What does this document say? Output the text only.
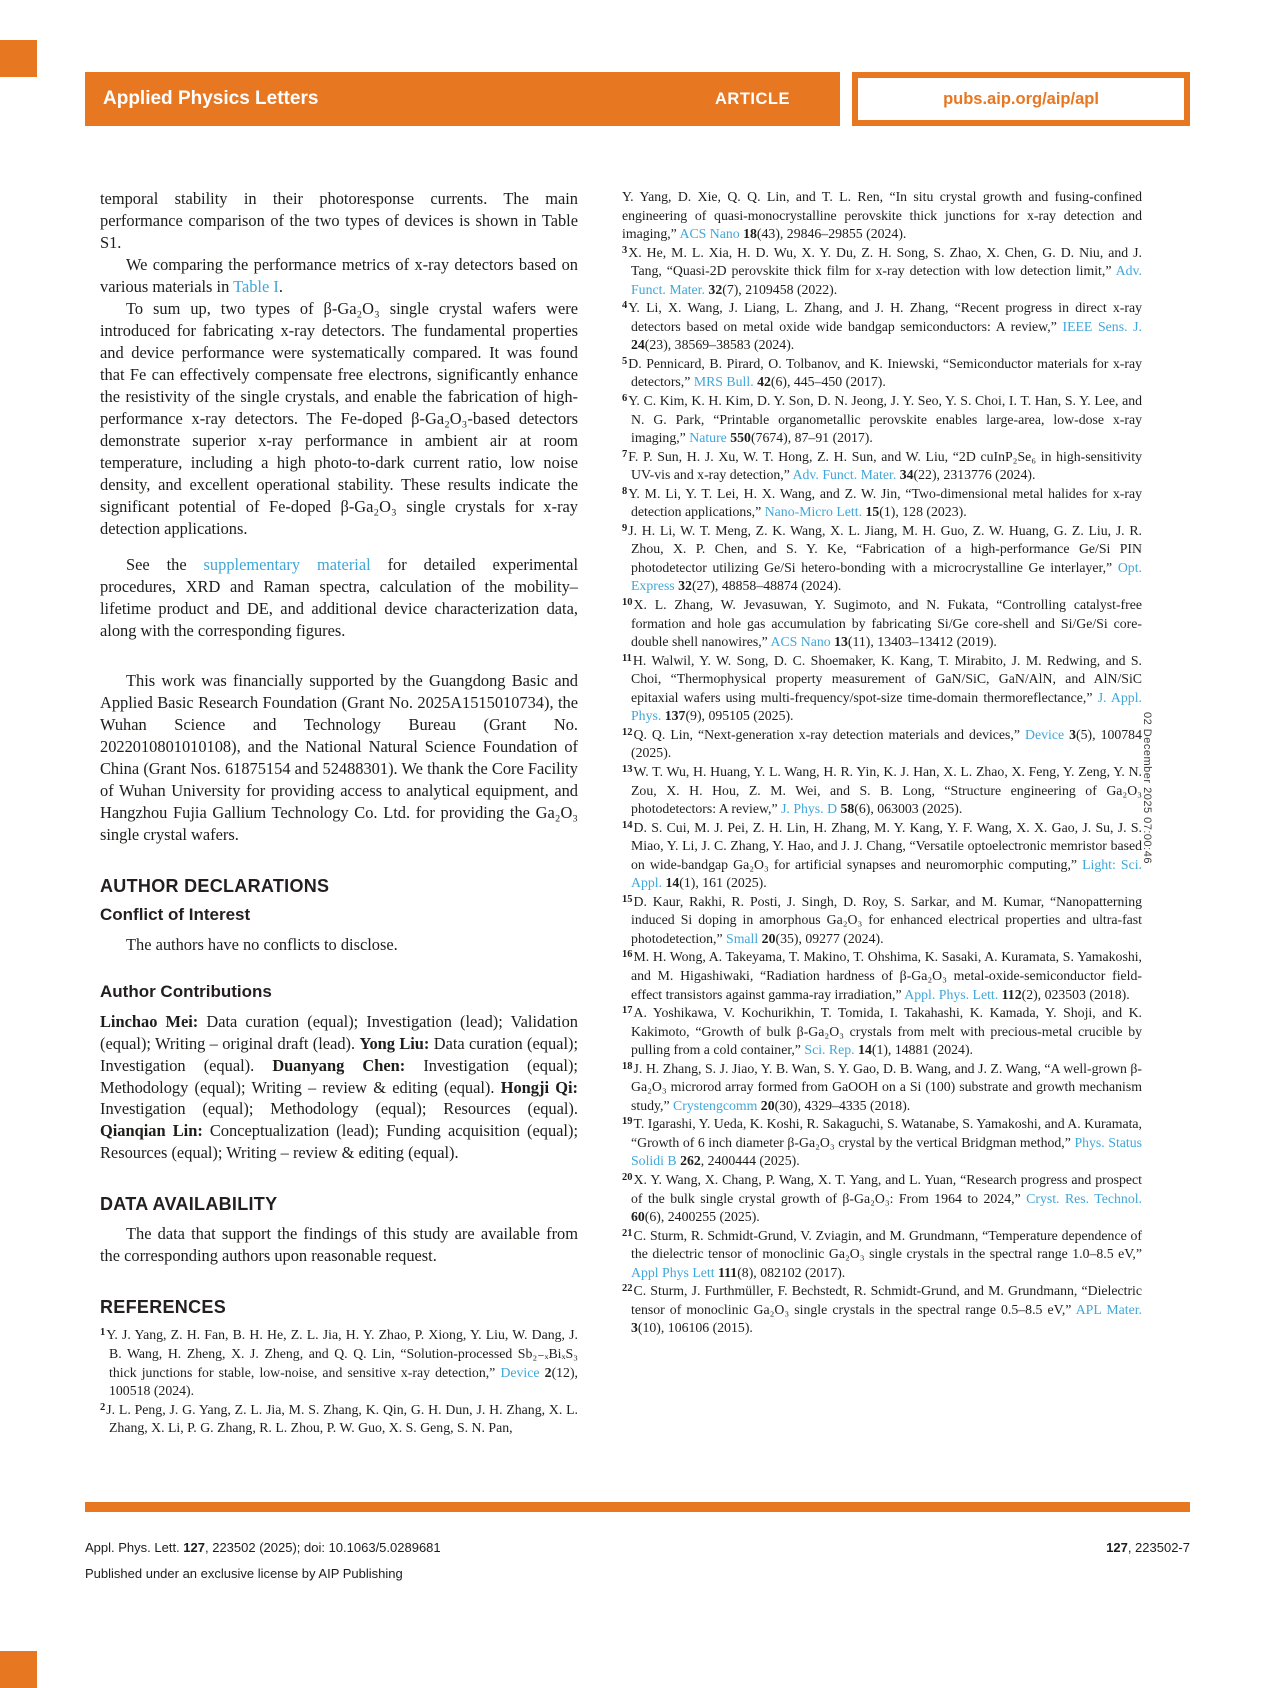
Applied Physics Letters	ARTICLE	pubs.aip.org/aip/apl

temporal stability in their photoresponse currents. The main performance comparison of the two types of devices is shown in Table S1.

We comparing the performance metrics of x-ray detectors based on various materials in Table I.

To sum up, two types of β-Ga₂O₃ single crystal wafers were introduced for fabricating x-ray detectors. The fundamental properties and device performance were systematically compared. It was found that Fe can effectively compensate free electrons, significantly enhance the resistivity of the single crystals, and enable the fabrication of high-performance x-ray detectors. The Fe-doped β-Ga₂O₃-based detectors demonstrate superior x-ray performance in ambient air at room temperature, including a high photo-to-dark current ratio, low noise density, and excellent operational stability. These results indicate the significant potential of Fe-doped β-Ga₂O₃ single crystals for x-ray detection applications.

See the supplementary material for detailed experimental procedures, XRD and Raman spectra, calculation of the mobility–lifetime product and DE, and additional device characterization data, along with the corresponding figures.

This work was financially supported by the Guangdong Basic and Applied Basic Research Foundation (Grant No. 2025A1515010734), the Wuhan Science and Technology Bureau (Grant No. 2022010801010108), and the National Natural Science Foundation of China (Grant Nos. 61875154 and 52488301). We thank the Core Facility of Wuhan University for providing access to analytical equipment, and Hangzhou Fujia Gallium Technology Co. Ltd. for providing the Ga₂O₃ single crystal wafers.

AUTHOR DECLARATIONS
Conflict of Interest

The authors have no conflicts to disclose.

Author Contributions

Linchao Mei: Data curation (equal); Investigation (lead); Validation (equal); Writing – original draft (lead). Yong Liu: Data curation (equal); Investigation (equal). Duanyang Chen: Investigation (equal); Methodology (equal); Writing – review & editing (equal). Hongji Qi: Investigation (equal); Methodology (equal); Resources (equal). Qianqian Lin: Conceptualization (lead); Funding acquisition (equal); Resources (equal); Writing – review & editing (equal).

DATA AVAILABILITY

The data that support the findings of this study are available from the corresponding authors upon reasonable request.

REFERENCES

$^1$Y. J. Yang, Z. H. Fan, B. H. He, Z. L. Jia, H. Y. Zhao, P. Xiong, Y. Liu, W. Dang, J. B. Wang, H. Zheng, X. J. Zheng, and Q. Q. Lin, “Solution-processed Sb₂₋ₓBiₓS₃ thick junctions for stable, low-noise, and sensitive x-ray detection,” Device 2(12), 100518 (2024).

$^2$J. L. Peng, J. G. Yang, Z. L. Jia, M. S. Zhang, K. Qin, G. H. Dun, J. H. Zhang, X. L. Zhang, X. Li, P. G. Zhang, R. L. Zhou, P. W. Guo, X. S. Geng, S. N. Pan,

Y. Yang, D. Xie, Q. Q. Lin, and T. L. Ren, “In situ crystal growth and fusing-confined engineering of quasi-monocrystalline perovskite thick junctions for x-ray detection and imaging,” ACS Nano 18(43), 29846–29855 (2024).

$^3$X. He, M. L. Xia, H. D. Wu, X. Y. Du, Z. H. Song, S. Zhao, X. Chen, G. D. Niu, and J. Tang, “Quasi-2D perovskite thick film for x-ray detection with low detection limit,” Adv. Funct. Mater. 32(7), 2109458 (2022).

$^4$Y. Li, X. Wang, J. Liang, L. Zhang, and J. H. Zhang, “Recent progress in direct x-ray detectors based on metal oxide wide bandgap semiconductors: A review,” IEEE Sens. J. 24(23), 38569–38583 (2024).

$^5$D. Pennicard, B. Pirard, O. Tolbanov, and K. Iniewski, “Semiconductor materials for x-ray detectors,” MRS Bull. 42(6), 445–450 (2017).

$^6$Y. C. Kim, K. H. Kim, D. Y. Son, D. N. Jeong, J. Y. Seo, Y. S. Choi, I. T. Han, S. Y. Lee, and N. G. Park, “Printable organometallic perovskite enables large-area, low-dose x-ray imaging,” Nature 550(7674), 87–91 (2017).

$^7$F. P. Sun, H. J. Xu, W. T. Hong, Z. H. Sun, and W. Liu, “2D cuInP₂Se₆ in high-sensitivity UV-vis and x-ray detection,” Adv. Funct. Mater. 34(22), 2313776 (2024).

$^8$Y. M. Li, Y. T. Lei, H. X. Wang, and Z. W. Jin, “Two-dimensional metal halides for x-ray detection applications,” Nano-Micro Lett. 15(1), 128 (2023).

$^9$J. H. Li, W. T. Meng, Z. K. Wang, X. L. Jiang, M. H. Guo, Z. W. Huang, G. Z. Liu, J. R. Zhou, X. P. Chen, and S. Y. Ke, “Fabrication of a high-performance Ge/Si PIN photodetector utilizing Ge/Si hetero-bonding with a microcrystalline Ge interlayer,” Opt. Express 32(27), 48858–48874 (2024).

$^{10}$X. L. Zhang, W. Jevasuwan, Y. Sugimoto, and N. Fukata, “Controlling catalyst-free formation and hole gas accumulation by fabricating Si/Ge core-shell and Si/Ge/Si core-double shell nanowires,” ACS Nano 13(11), 13403–13412 (2019).

$^{11}$H. Walwil, Y. W. Song, D. C. Shoemaker, K. Kang, T. Mirabito, J. M. Redwing, and S. Choi, “Thermophysical property measurement of GaN/SiC, GaN/AlN, and AlN/SiC epitaxial wafers using multi-frequency/spot-size time-domain thermoreflectance,” J. Appl. Phys. 137(9), 095105 (2025).

$^{12}$Q. Q. Lin, “Next-generation x-ray detection materials and devices,” Device 3(5), 100784 (2025).

$^{13}$W. T. Wu, H. Huang, Y. L. Wang, H. R. Yin, K. J. Han, X. L. Zhao, X. Feng, Y. Zeng, Y. N. Zou, X. H. Hou, Z. M. Wei, and S. B. Long, “Structure engineering of Ga₂O₃ photodetectors: A review,” J. Phys. D 58(6), 063003 (2025).

$^{14}$D. S. Cui, M. J. Pei, Z. H. Lin, H. Zhang, M. Y. Kang, Y. F. Wang, X. X. Gao, J. Su, J. S. Miao, Y. Li, J. C. Zhang, Y. Hao, and J. J. Chang, “Versatile optoelectronic memristor based on wide-bandgap Ga₂O₃ for artificial synapses and neuromorphic computing,” Light: Sci. Appl. 14(1), 161 (2025).

$^{15}$D. Kaur, Rakhi, R. Posti, J. Singh, D. Roy, S. Sarkar, and M. Kumar, “Nanopatterning induced Si doping in amorphous Ga₂O₃ for enhanced electrical properties and ultra-fast photodetection,” Small 20(35), 09277 (2024).

$^{16}$M. H. Wong, A. Takeyama, T. Makino, T. Ohshima, K. Sasaki, A. Kuramata, S. Yamakoshi, and M. Higashiwaki, “Radiation hardness of β-Ga₂O₃ metal-oxide-semiconductor field-effect transistors against gamma-ray irradiation,” Appl. Phys. Lett. 112(2), 023503 (2018).

$^{17}$A. Yoshikawa, V. Kochurikhin, T. Tomida, I. Takahashi, K. Kamada, Y. Shoji, and K. Kakimoto, “Growth of bulk β-Ga₂O₃ crystals from melt with precious-metal crucible by pulling from a cold container,” Sci. Rep. 14(1), 14881 (2024).

$^{18}$J. H. Zhang, S. J. Jiao, Y. B. Wan, S. Y. Gao, D. B. Wang, and J. Z. Wang, “A well-grown β-Ga₂O₃ microrod array formed from GaOOH on a Si (100) substrate and growth mechanism study,” Crystengcomm 20(30), 4329–4335 (2018).

$^{19}$T. Igarashi, Y. Ueda, K. Koshi, R. Sakaguchi, S. Watanabe, S. Yamakoshi, and A. Kuramata, “Growth of 6 inch diameter β-Ga₂O₃ crystal by the vertical Bridgman method,” Phys. Status Solidi B 262, 2400444 (2025).

$^{20}$X. Y. Wang, X. Chang, P. Wang, X. T. Yang, and L. Yuan, “Research progress and prospect of the bulk single crystal growth of β-Ga₂O₃: From 1964 to 2024,” Cryst. Res. Technol. 60(6), 2400255 (2025).

$^{21}$C. Sturm, R. Schmidt-Grund, V. Zviagin, and M. Grundmann, “Temperature dependence of the dielectric tensor of monoclinic Ga₂O₃ single crystals in the spectral range 1.0–8.5 eV,” Appl Phys Lett 111(8), 082102 (2017).

$^{22}$C. Sturm, J. Furthmüller, F. Bechstedt, R. Schmidt-Grund, and M. Grundmann, “Dielectric tensor of monoclinic Ga₂O₃ single crystals in the spectral range 0.5–8.5 eV,” APL Mater. 3(10), 106106 (2015).

02 December 2025 07:00:46
Appl. Phys. Lett. 127, 223502 (2025); doi: 10.1063/5.0289681
Published under an exclusive license by AIP Publishing
127, 223502-7
